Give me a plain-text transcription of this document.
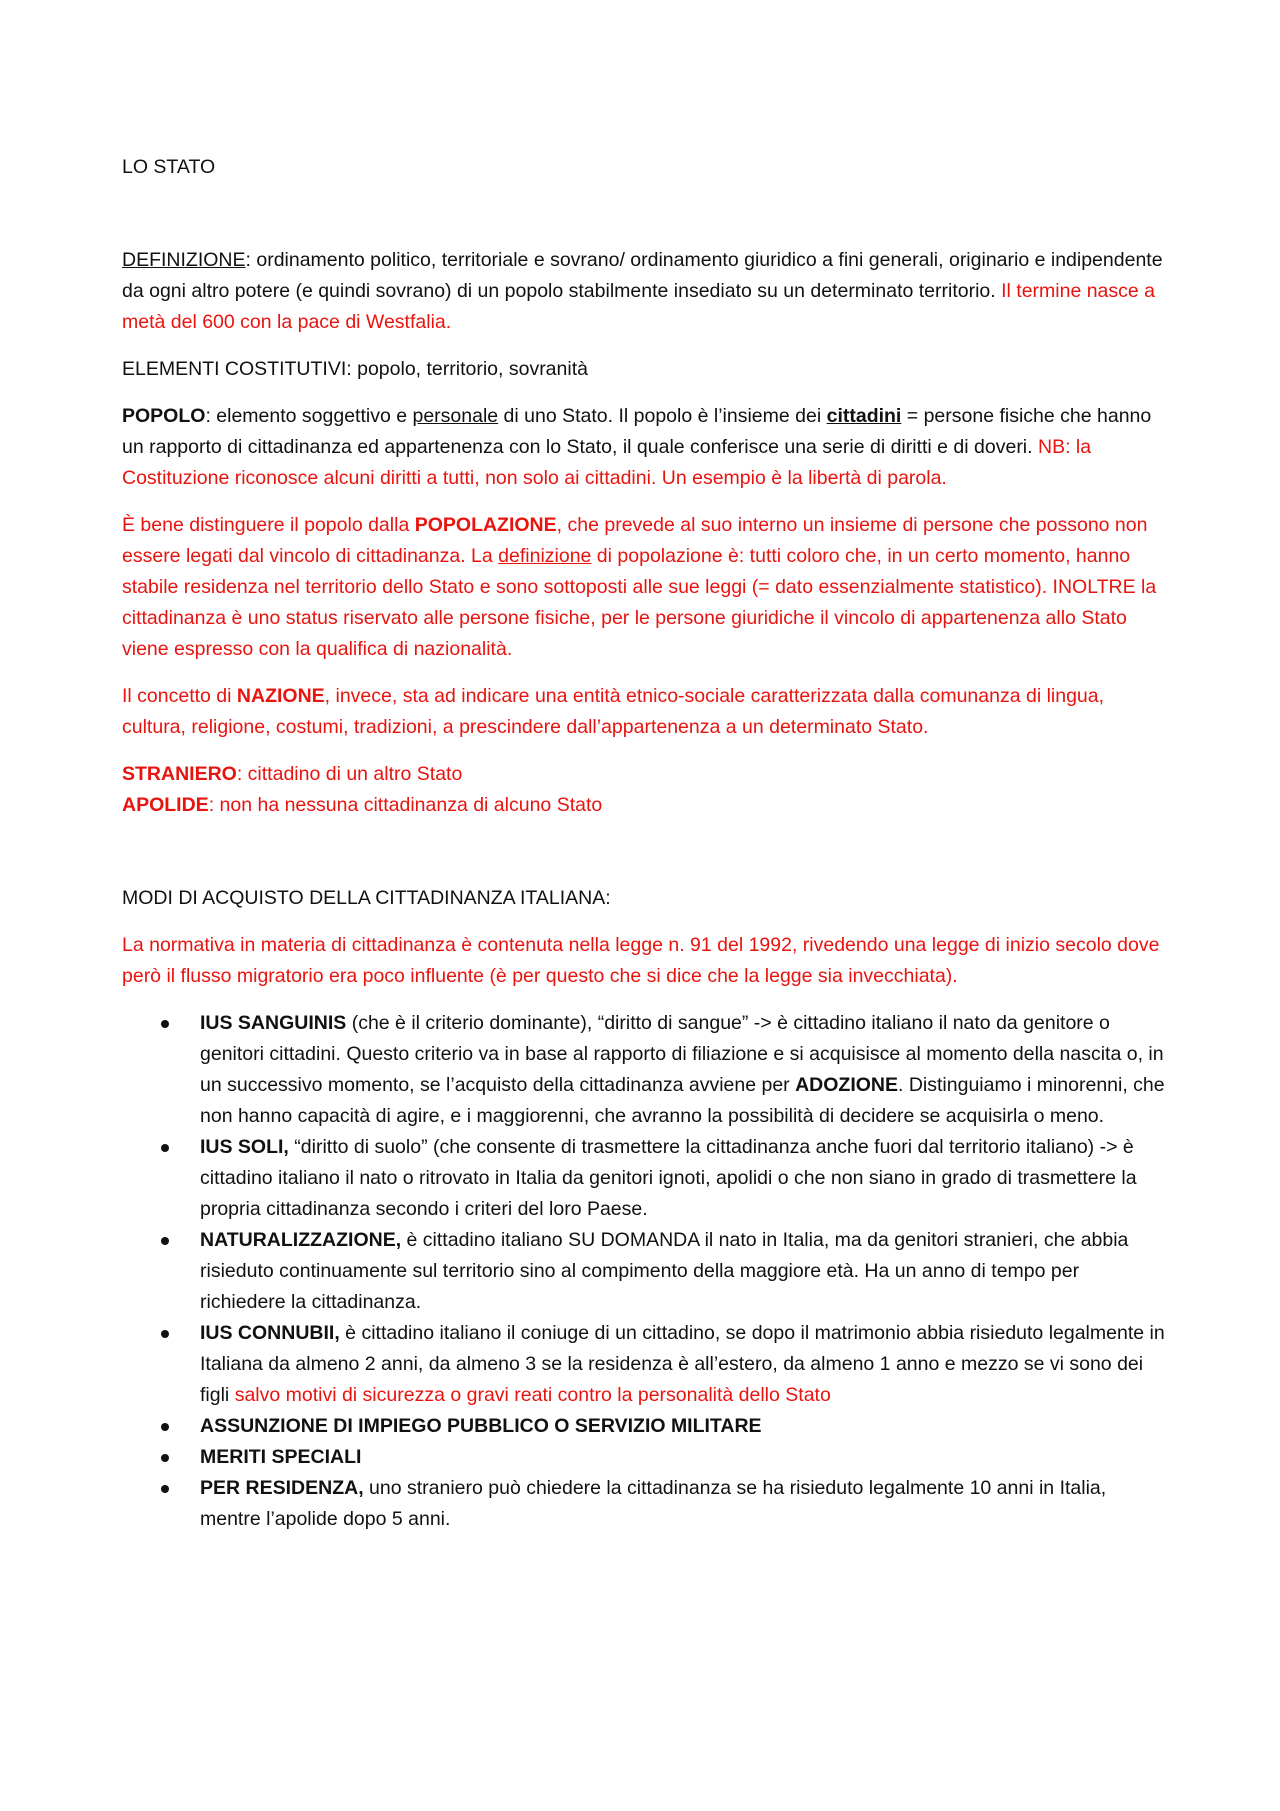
LO STATO

DEFINIZIONE: ordinamento politico, territoriale e sovrano/ ordinamento giuridico a fini generali, originario e indipendente da ogni altro potere (e quindi sovrano) di un popolo stabilmente insediato su un determinato territorio. Il termine nasce a metà del 600 con la pace di Westfalia.

ELEMENTI COSTITUTIVI: popolo, territorio, sovranità

POPOLO: elemento soggettivo e personale di uno Stato. Il popolo è l’insieme dei cittadini = persone fisiche che hanno un rapporto di cittadinanza ed appartenenza con lo Stato, il quale conferisce una serie di diritti e di doveri. NB: la Costituzione riconosce alcuni diritti a tutti, non solo ai cittadini. Un esempio è la libertà di parola.

È bene distinguere il popolo dalla POPOLAZIONE, che prevede al suo interno un insieme di persone che possono non essere legati dal vincolo di cittadinanza. La definizione di popolazione è: tutti coloro che, in un certo momento, hanno stabile residenza nel territorio dello Stato e sono sottoposti alle sue leggi (= dato essenzialmente statistico). INOLTRE la cittadinanza è uno status riservato alle persone fisiche, per le persone giuridiche il vincolo di appartenenza allo Stato viene espresso con la qualifica di nazionalità.

Il concetto di NAZIONE, invece, sta ad indicare una entità etnico-sociale caratterizzata dalla comunanza di lingua, cultura, religione, costumi, tradizioni, a prescindere dall’appartenenza a un determinato Stato.

STRANIERO: cittadino di un altro Stato

APOLIDE: non ha nessuna cittadinanza di alcuno Stato

MODI DI ACQUISTO DELLA CITTADINANZA ITALIANA:

La normativa in materia di cittadinanza è contenuta nella legge n. 91 del 1992, rivedendo una legge di inizio secolo dove però il flusso migratorio era poco influente (è per questo che si dice che la legge sia invecchiata).

IUS SANGUINIS (che è il criterio dominante), “diritto di sangue” -> è cittadino italiano il nato da genitore o genitori cittadini. Questo criterio va in base al rapporto di filiazione e si acquisisce al momento della nascita o, in un successivo momento, se l’acquisto della cittadinanza avviene per ADOZIONE. Distinguiamo i minorenni, che non hanno capacità di agire, e i maggiorenni, che avranno la possibilità di decidere se acquisirla o meno.
IUS SOLI, “diritto di suolo” (che consente di trasmettere la cittadinanza anche fuori dal territorio italiano) -> è cittadino italiano il nato o ritrovato in Italia da genitori ignoti, apolidi o che non siano in grado di trasmettere la propria cittadinanza secondo i criteri del loro Paese.
NATURALIZZAZIONE, è cittadino italiano SU DOMANDA il nato in Italia, ma da genitori stranieri, che abbia risieduto continuamente sul territorio sino al compimento della maggiore età. Ha un anno di tempo per richiedere la cittadinanza.
IUS CONNUBII, è cittadino italiano il coniuge di un cittadino, se dopo il matrimonio abbia risieduto legalmente in Italiana da almeno 2 anni, da almeno 3 se la residenza è all’estero, da almeno 1 anno e mezzo se vi sono dei figli salvo motivi di sicurezza o gravi reati contro la personalità dello Stato
ASSUNZIONE DI IMPIEGO PUBBLICO O SERVIZIO MILITARE
MERITI SPECIALI
PER RESIDENZA, uno straniero può chiedere la cittadinanza se ha risieduto legalmente 10 anni in Italia, mentre l’apolide dopo 5 anni.
